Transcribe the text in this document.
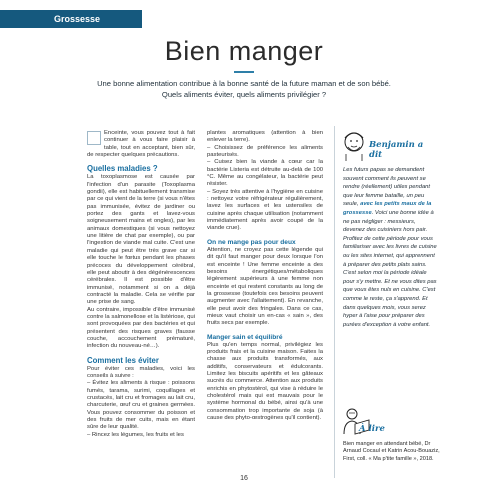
Grossesse
Bien manger
Une bonne alimentation contribue à la bonne santé de la future maman et de son bébé. Quels aliments éviter, quels aliments privilégier ?

Enceinte, vous pouvez tout à fait continuer à vous faire plaisir à table, tout en acceptant, bien sûr, de respecter quelques précautions.

Quelles maladies ?

La toxoplasmose est causée par l'infection d'un parasite (Toxoplasma gondii), elle est habituellement transmise par ce qui vient de la terre (si vous n'êtes pas immunisée, évitez de jardiner ou portez des gants et lavez-vous soigneusement mains et ongles), par les animaux domestiques (si vous nettoyez une litière de chat par exemple), ou par l'ingestion de viande mal cuite. C'est une maladie qui peut être très grave car si elle touche le fœtus pendant les phases précoces du développement cérébral, elle peut aboutir à des dégénérescences cérébrales. Il est possible d'être immunisé, notamment si on a déjà contracté la maladie. Cela se vérifie par une prise de sang.

Au contraire, impossible d'être immunisé contre la salmonellose et la listériose, qui sont provoquées par des bactéries et qui présentent des risques graves (fausse couche, accouchement prématuré, infection du nouveau-né…).

Comment les éviter

Pour éviter ces maladies, voici les conseils à suivre :

– Évitez les aliments à risque : poissons fumés, tarama, surimi, coquillages et crustacés, lait cru et fromages au lait cru, charcuterie, œuf cru et graines germées. Vous pouvez consommer du poisson et des fruits de mer cuits, mais en étant sûre de leur qualité.

– Rincez les légumes, les fruits et les

plantes aromatiques (attention à bien enlever la terre).

– Choisissez de préférence les aliments pasteurisés.

– Cuisez bien la viande à cœur car la bactérie Listeria est détruite au-delà de 100 °C. Même au congélateur, la bactérie peut résister.

– Soyez très attentive à l'hygiène en cuisine : nettoyez votre réfrigérateur régulièrement, lavez les surfaces et les ustensiles de cuisine après chaque utilisation (notamment immédiatement après avoir coupé de la viande crue).

On ne mange pas pour deux

Attention, ne croyez pas cette légende qui dit qu'il faut manger pour deux lorsque l'on est enceinte ! Une femme enceinte a des besoins énergétiques/métaboliques légèrement supérieurs à une femme non enceinte et qui restent constants au long de la grossesse (toutefois ces besoins peuvent augmenter avec l'allaitement). En revanche, elle peut avoir des fringales. Dans ce cas, mieux vaut choisir un en-cas « sain », des fruits secs par exemple.

Manger sain et équilibré

Plus qu'en temps normal, privilégiez les produits frais et la cuisine maison. Faites la chasse aux produits transformés, aux additifs, conservateurs et édulcorants. Limitez les biscuits apéritifs et les gâteaux sucrés du commerce. Attention aux produits enrichis en phytostérol, qui vise à réduire le cholestérol mais qui est mauvais pour le système hormonal du bébé, ainsi qu'à une consommation trop importante de soja (à cause des phyto-œstrogènes qu'il contient).

Benjamin a dit

Les futurs papas se demandent souvent comment ils peuvent se rendre (réellement) utiles pendant que leur femme bataille, un peu seule, avec les petits maux de la grossesse. Voici une bonne idée à ne pas négliger : messieurs, devenez des cuisiniers hors pair. Profitez de cette période pour vous familiariser avec les livres de cuisine ou les sites internet, qui apprennent à préparer des petits plats sains.

C'est selon moi la période idéale pour s'y mettre. Et ne vous dites pas que vous êtes nuls en cuisine. C'est comme le reste, ça s'apprend. Et dans quelques mois, vous serez hyper à l'aise pour préparer des purées d'exception à votre enfant.

À lire
Bien manger en attendant bébé, Dr Arnaud Cocaul et Katrin Acou-Bouaziz, First, coll. « Ma p'tite famille », 2018.
16
